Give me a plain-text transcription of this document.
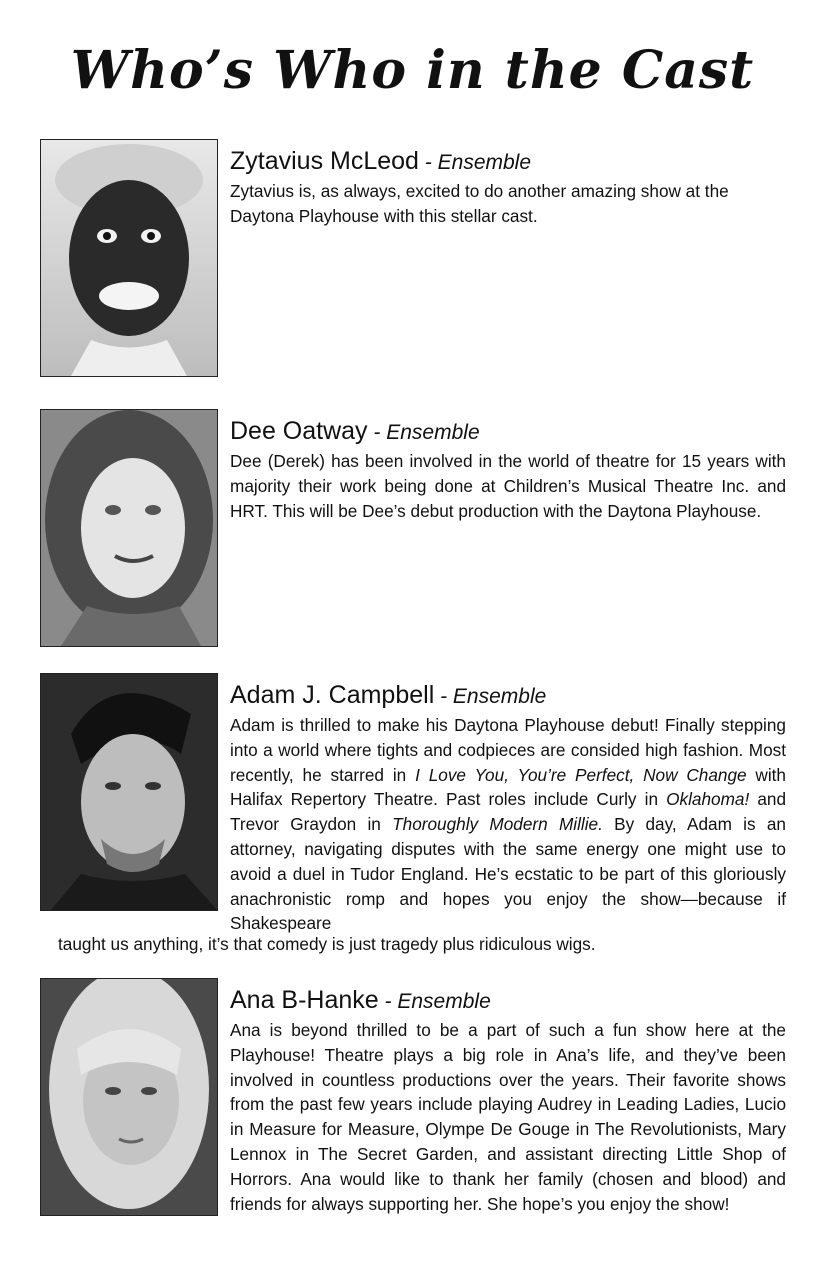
Who’s Who in the Cast
Zytavius McLeod - Ensemble

Zytavius is, as always, excited to do another amazing show at the Daytona Playhouse with this stellar cast.

Dee Oatway - Ensemble

Dee (Derek) has been involved in the world of theatre for 15 years with majority their work being done at Children’s Musical Theatre Inc. and HRT. This will be Dee’s debut production with the Daytona Playhouse.

Adam J. Campbell - Ensemble

Adam is thrilled to make his Daytona Playhouse debut! Finally stepping into a world where tights and codpieces are consided high fashion. Most recently, he starred in I Love You, You’re Perfect, Now Change with Halifax Repertory Theatre. Past roles include Curly in Oklahoma! and Trevor Graydon in Thoroughly Modern Millie. By day, Adam is an attorney, navigating disputes with the same energy one might use to avoid a duel in Tudor England. He’s ecstatic to be part of this gloriously anachronistic romp and hopes you enjoy the show—because if Shakespeare

taught us anything, it’s that comedy is just tragedy plus ridiculous wigs.

Ana B-Hanke - Ensemble

Ana is beyond thrilled to be a part of such a fun show here at the Playhouse! Theatre plays a big role in Ana’s life, and they’ve been involved in countless productions over the years. Their favorite shows from the past few years include playing Audrey in Leading Ladies, Lucio in Measure for Measure, Olympe De Gouge in The Revolutionists, Mary Lennox in The Secret Garden, and assistant directing Little Shop of Horrors. Ana would like to thank her family (chosen and blood) and friends for always supporting her. She hope’s you enjoy the show!
